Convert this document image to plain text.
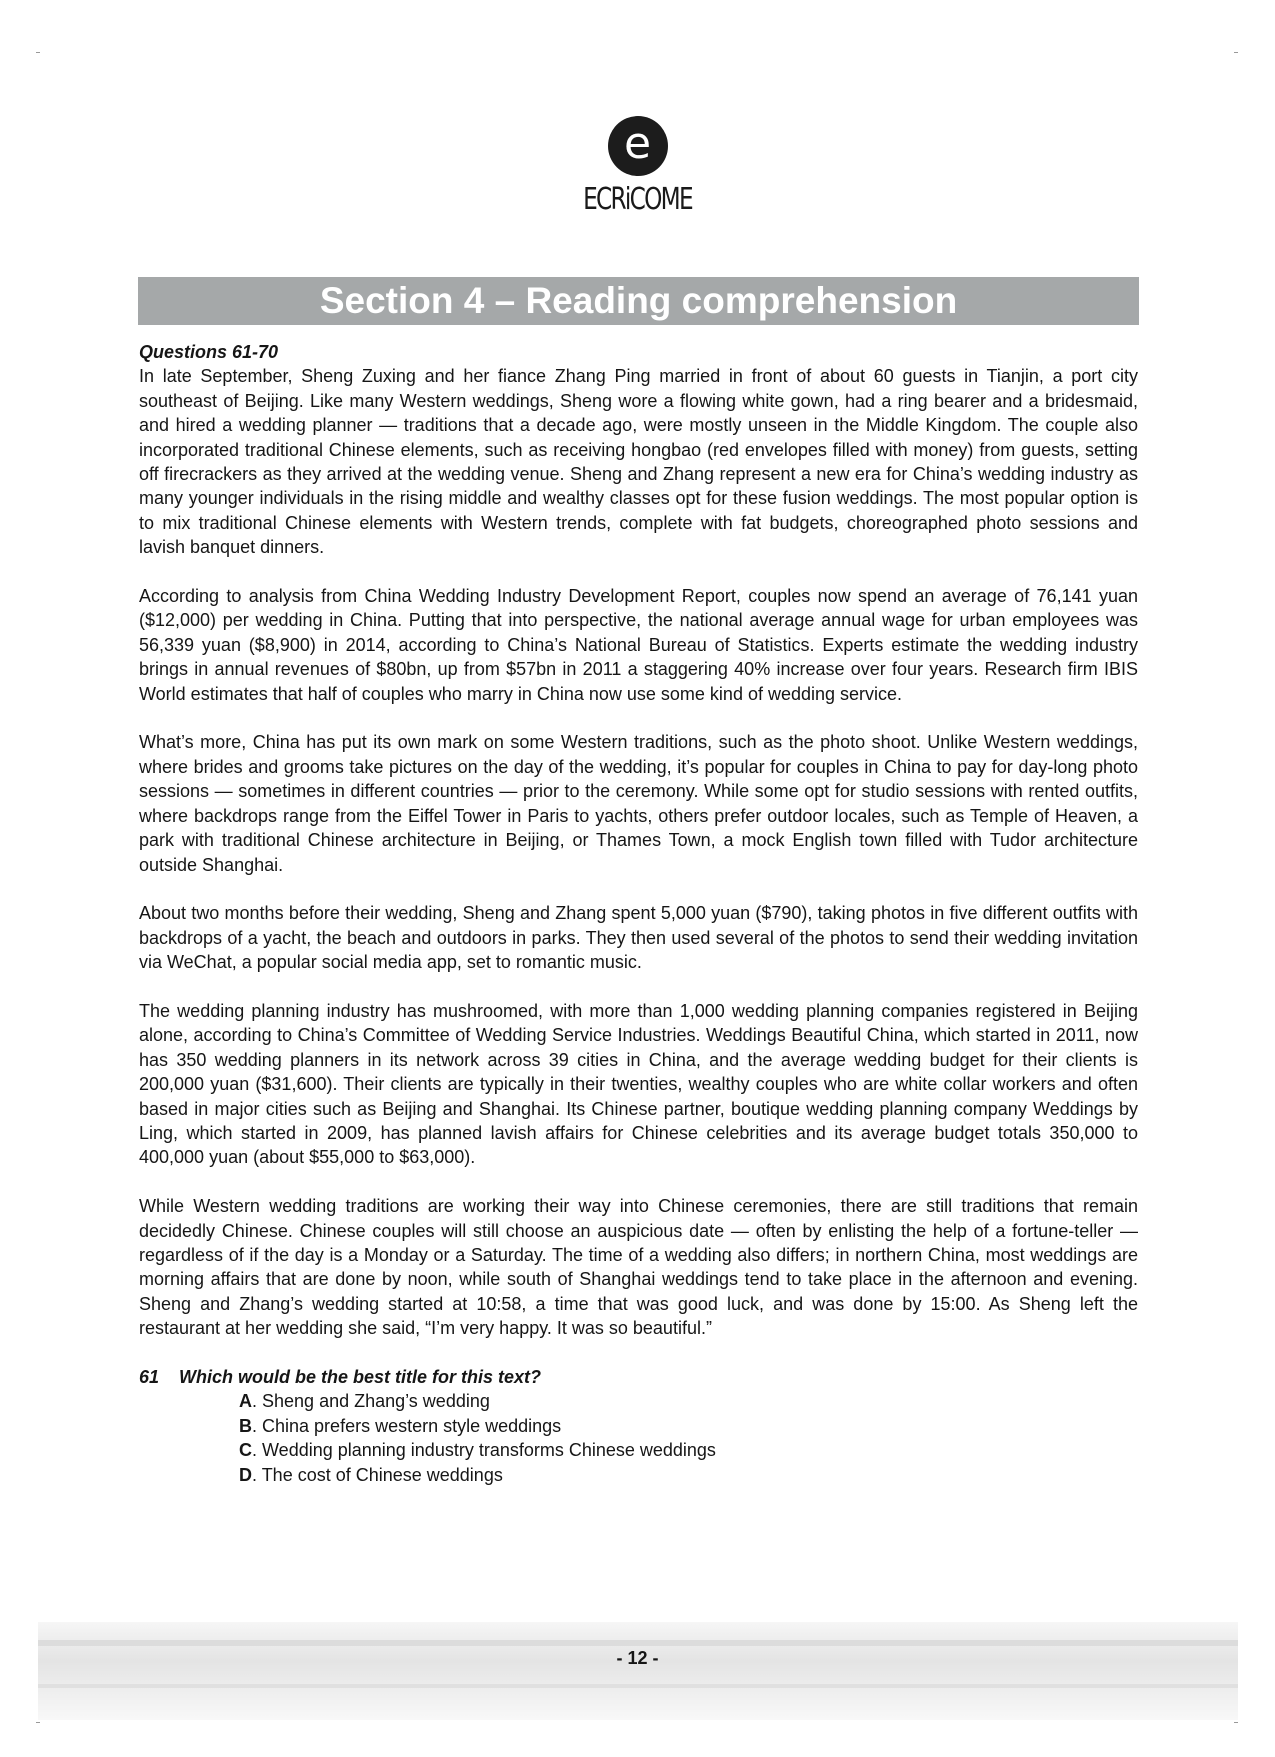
e
ECRiCOME
Section 4 – Reading comprehension

Questions 61-70

In late September, Sheng Zuxing and her fiance Zhang Ping married in front of about 60 guests in Tianjin, a port city southeast of Beijing. Like many Western weddings, Sheng wore a flowing white gown, had a ring bearer and a bridesmaid, and hired a wedding planner — traditions that a decade ago, were mostly unseen in the Middle Kingdom. The couple also incorporated traditional Chinese elements, such as receiving hongbao (red envelopes filled with money) from guests, setting off firecrackers as they arrived at the wedding venue. Sheng and Zhang represent a new era for China’s wedding industry as many younger individuals in the rising middle and wealthy classes opt for these fusion weddings. The most popular option is to mix traditional Chinese elements with Western trends, complete with fat budgets, choreographed photo sessions and lavish banquet dinners.

According to analysis from China Wedding Industry Development Report, couples now spend an average of 76,141 yuan ($12,000) per wedding in China. Putting that into perspective, the national average annual wage for urban employees was 56,339 yuan ($8,900) in 2014, according to China’s National Bureau of Statistics. Experts estimate the wedding industry brings in annual revenues of $80bn, up from $57bn in 2011 a staggering 40% increase over four years. Research firm IBIS World estimates that half of couples who marry in China now use some kind of wedding service.

What’s more, China has put its own mark on some Western traditions, such as the photo shoot. Unlike Western weddings, where brides and grooms take pictures on the day of the wedding, it’s popular for couples in China to pay for day-long photo sessions — sometimes in different countries — prior to the ceremony. While some opt for studio sessions with rented outfits, where backdrops range from the Eiffel Tower in Paris to yachts, others prefer outdoor locales, such as Temple of Heaven, a park with traditional Chinese architecture in Beijing, or Thames Town, a mock English town filled with Tudor architecture outside Shanghai.

About two months before their wedding, Sheng and Zhang spent 5,000 yuan ($790), taking photos in five different outfits with backdrops of a yacht, the beach and outdoors in parks. They then used several of the photos to send their wedding invitation via WeChat, a popular social media app, set to romantic music.

The wedding planning industry has mushroomed, with more than 1,000 wedding planning companies registered in Beijing alone, according to China’s Committee of Wedding Service Industries. Weddings Beautiful China, which started in 2011, now has 350 wedding planners in its network across 39 cities in China, and the average wedding budget for their clients is 200,000 yuan ($31,600). Their clients are typically in their twenties, wealthy couples who are white collar workers and often based in major cities such as Beijing and Shanghai. Its Chinese partner, boutique wedding planning company Weddings by Ling, which started in 2009, has planned lavish affairs for Chinese celebrities and its average budget totals 350,000 to 400,000 yuan (about $55,000 to $63,000).

While Western wedding traditions are working their way into Chinese ceremonies, there are still traditions that remain decidedly Chinese. Chinese couples will still choose an auspicious date — often by enlisting the help of a fortune-teller — regardless of if the day is a Monday or a Saturday. The time of a wedding also differs; in northern China, most weddings are morning affairs that are done by noon, while south of Shanghai weddings tend to take place in the afternoon and evening. Sheng and Zhang’s wedding started at 10:58, a time that was good luck, and was done by 15:00. As Sheng left the restaurant at her wedding she said, “I’m very happy. It was so beautiful.”

61 Which would be the best title for this text?

A. Sheng and Zhang’s wedding
B. China prefers western style weddings
C. Wedding planning industry transforms Chinese weddings
D. The cost of Chinese weddings
- 12 -
